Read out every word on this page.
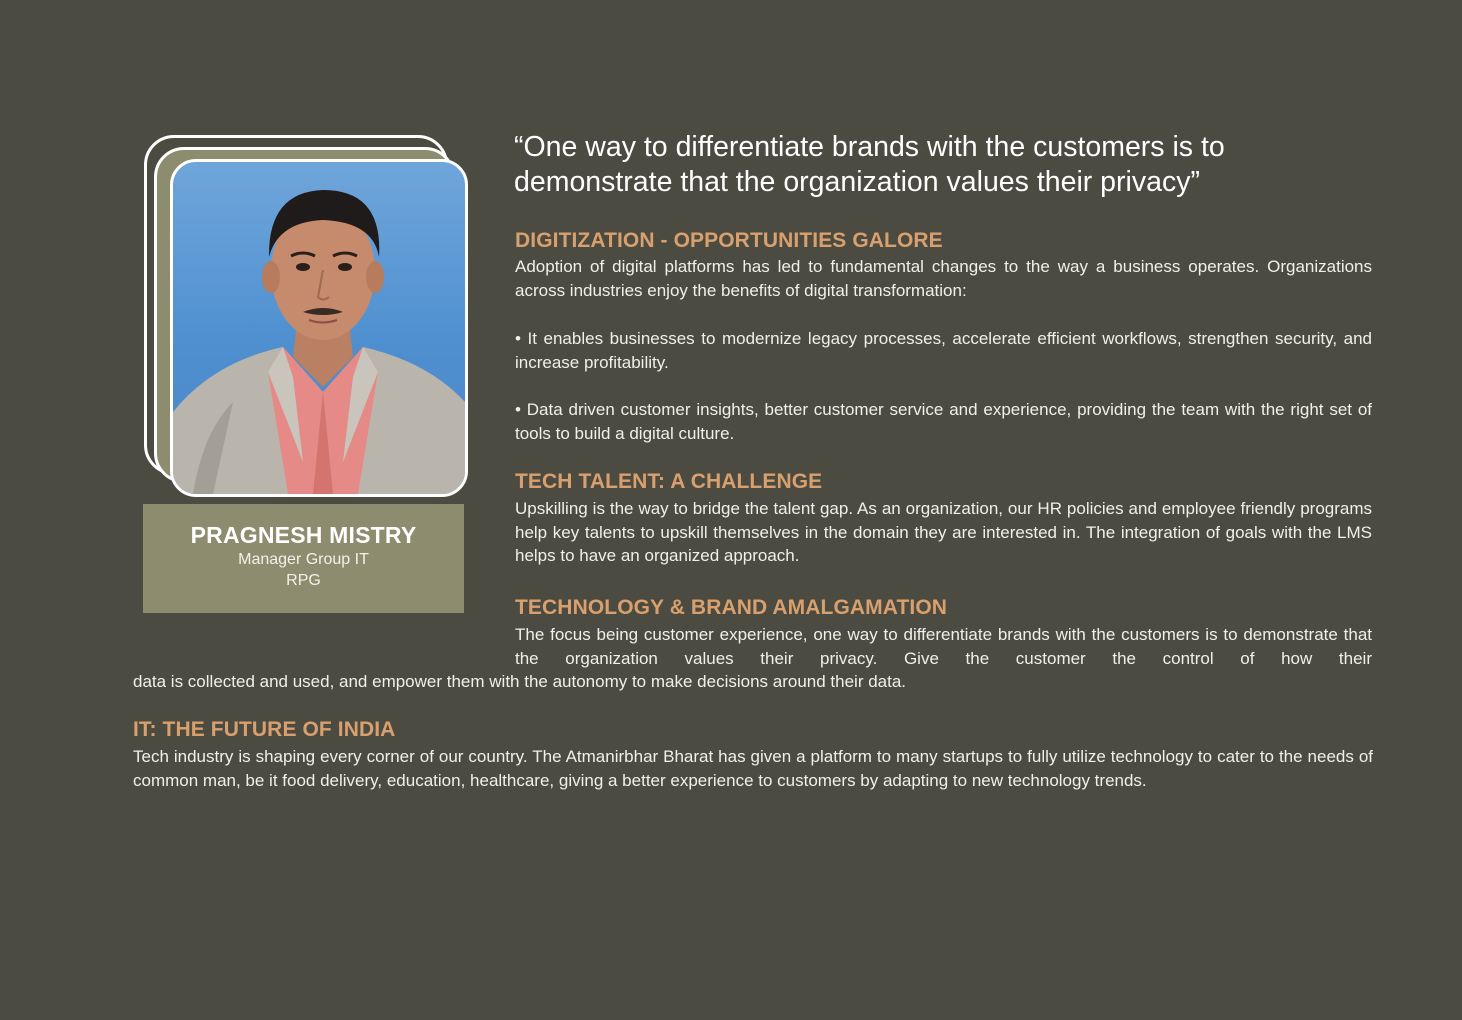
PRAGNESH MISTRY
Manager Group IT
RPG
“One way to differentiate brands with the customers is to demonstrate that the organization values their privacy”
DIGITIZATION - OPPORTUNITIES GALORE
Adoption of digital platforms has led to fundamental changes to the way a business operates. Organizations across industries enjoy the benefits of digital transformation:
• It enables businesses to modernize legacy processes, accelerate efficient workflows, strengthen security, and increase profitability.
• Data driven customer insights, better customer service and experience, providing the team with the right set of tools to build a digital culture.
TECH TALENT: A CHALLENGE
Upskilling is the way to bridge the talent gap. As an organization, our HR policies and employee friendly programs help key talents to upskill themselves in the domain they are interested in. The integration of goals with the LMS helps to have an organized approach.
TECHNOLOGY & BRAND AMALGAMATION
The focus being customer experience, one way to differentiate brands with the customers is to demonstrate that the organization values their privacy. Give the customer the control of how their
data is collected and used, and empower them with the autonomy to make decisions around their data.
IT: THE FUTURE OF INDIA
Tech industry is shaping every corner of our country. The Atmanirbhar Bharat has given a platform to many startups to fully utilize technology to cater to the needs of common man, be it food delivery, education, healthcare, giving a better experience to customers by adapting to new technology trends.
